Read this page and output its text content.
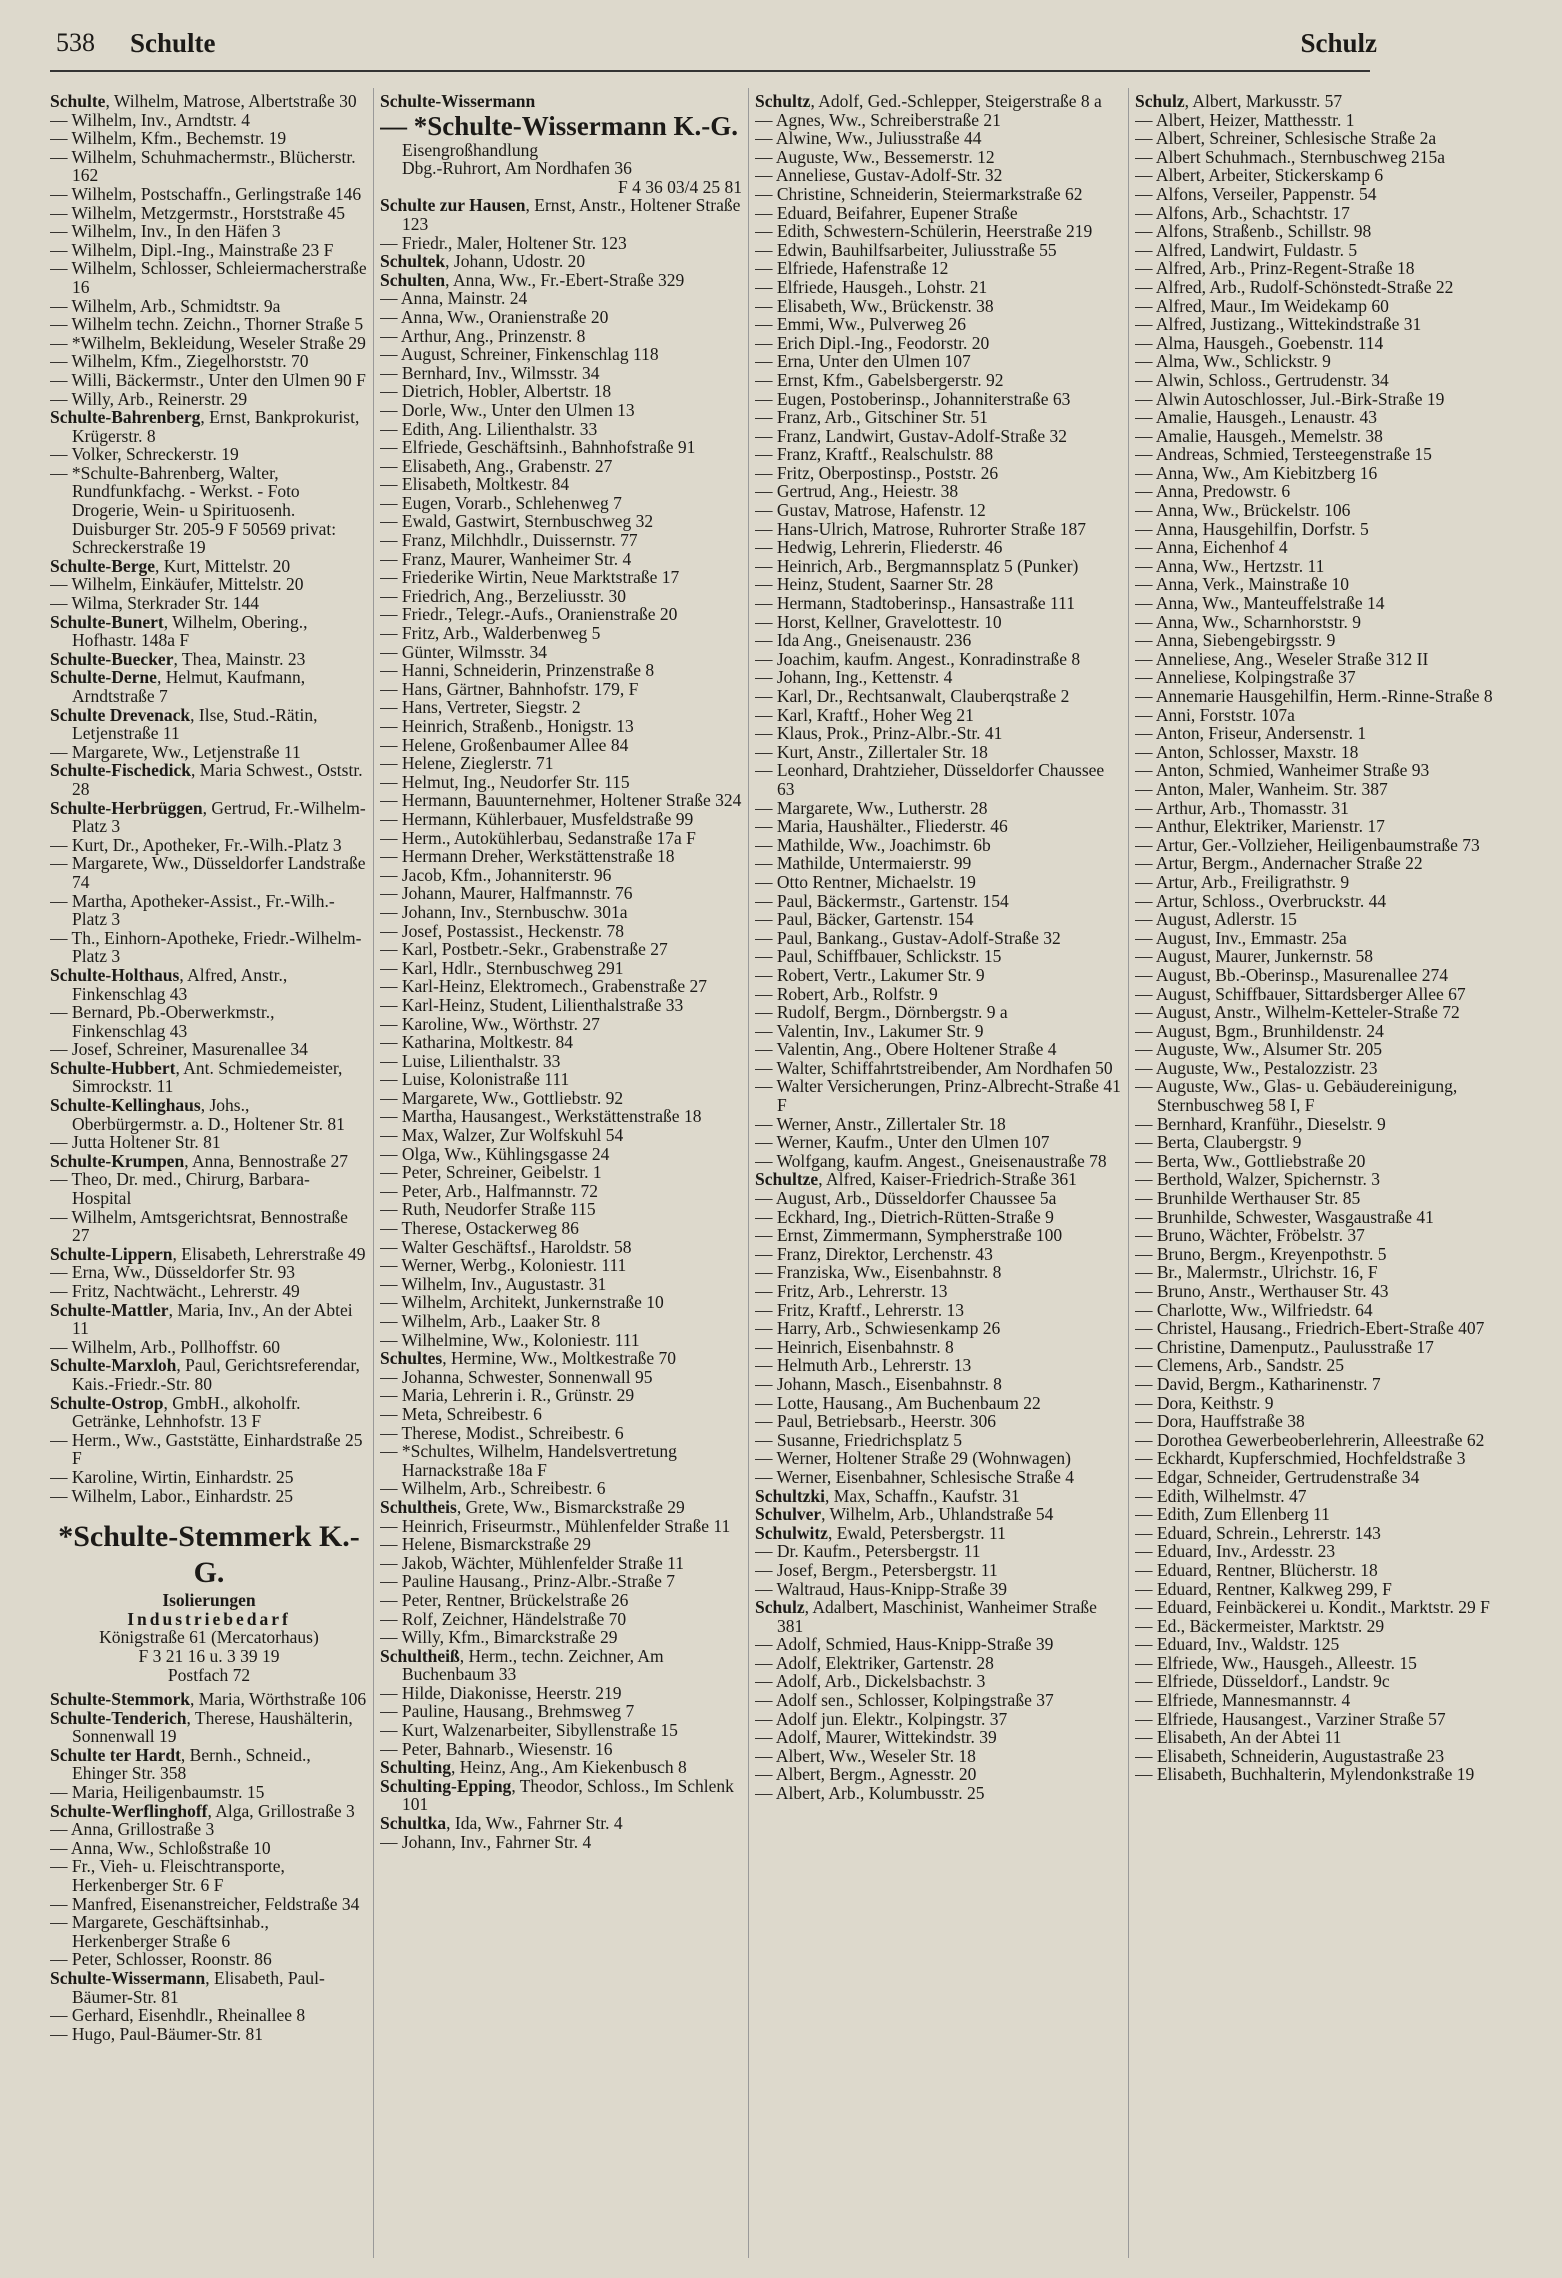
538 Schulte	Schulz

Schulte, Wilhelm, Matrose, Albertstraße 30

— Wilhelm, Inv., Arndtstr. 4

— Wilhelm, Kfm., Bechemstr. 19

— Wilhelm, Schuhmachermstr., Blücherstr. 162

— Wilhelm, Postschaffn., Gerlingstraße 146

— Wilhelm, Metzgermstr., Horststraße 45

— Wilhelm, Inv., In den Häfen 3

— Wilhelm, Dipl.-Ing., Mainstraße 23 F

— Wilhelm, Schlosser, Schleiermacherstraße 16

— Wilhelm, Arb., Schmidtstr. 9a

— Wilhelm techn. Zeichn., Thorner Straße 5

— *Wilhelm, Bekleidung, Weseler Straße 29

— Wilhelm, Kfm., Ziegelhorststr. 70

— Willi, Bäckermstr., Unter den Ulmen 90 F

— Willy, Arb., Reinerstr. 29

Schulte-Bahrenberg, Ernst, Bankprokurist, Krügerstr. 8

— Volker, Schreckerstr. 19

— *Schulte-Bahrenberg, Walter, Rundfunkfachg. - Werkst. - Foto Drogerie, Wein- u Spirituosenh. Duisburger Str. 205-9 F 50569 privat: Schreckerstraße 19

Schulte-Berge, Kurt, Mittelstr. 20

— Wilhelm, Einkäufer, Mittelstr. 20

— Wilma, Sterkrader Str. 144

Schulte-Bunert, Wilhelm, Obering., Hofhastr. 148a F

Schulte-Buecker, Thea, Mainstr. 23

Schulte-Derne, Helmut, Kaufmann, Arndtstraße 7

Schulte Drevenack, Ilse, Stud.-Rätin, Letjenstraße 11

— Margarete, Ww., Letjenstraße 11

Schulte-Fischedick, Maria Schwest., Oststr. 28

Schulte-Herbrüggen, Gertrud, Fr.-Wilhelm-Platz 3

— Kurt, Dr., Apotheker, Fr.-Wilh.-Platz 3

— Margarete, Ww., Düsseldorfer Landstraße 74

— Martha, Apotheker-Assist., Fr.-Wilh.-Platz 3

— Th., Einhorn-Apotheke, Friedr.-Wilhelm-Platz 3

Schulte-Holthaus, Alfred, Anstr., Finkenschlag 43

— Bernard, Pb.-Oberwerkmstr., Finkenschlag 43

— Josef, Schreiner, Masurenallee 34

Schulte-Hubbert, Ant. Schmiedemeister, Simrockstr. 11

Schulte-Kellinghaus, Johs., Oberbürgermstr. a. D., Holtener Str. 81

— Jutta Holtener Str. 81

Schulte-Krumpen, Anna, Bennostraße 27

— Theo, Dr. med., Chirurg, Barbara-Hospital

— Wilhelm, Amtsgerichtsrat, Bennostraße 27

Schulte-Lippern, Elisabeth, Lehrerstraße 49

— Erna, Ww., Düsseldorfer Str. 93

— Fritz, Nachtwächt., Lehrerstr. 49

Schulte-Mattler, Maria, Inv., An der Abtei 11

— Wilhelm, Arb., Pollhoffstr. 60

Schulte-Marxloh, Paul, Gerichtsreferendar, Kais.-Friedr.-Str. 80

Schulte-Ostrop, GmbH., alkoholfr. Getränke, Lehnhofstr. 13 F

— Herm., Ww., Gaststätte, Einhardstraße 25 F

— Karoline, Wirtin, Einhardstr. 25

— Wilhelm, Labor., Einhardstr. 25

*Schulte-Stemmerk K.-G.
Isolierungen
Industriebedarf
Königstraße 61 (Mercatorhaus)
F 3 21 16 u. 3 39 19
Postfach 72

Schulte-Stemmork, Maria, Wörthstraße 106

Schulte-Tenderich, Therese, Haushälterin, Sonnenwall 19

Schulte ter Hardt, Bernh., Schneid., Ehinger Str. 358

— Maria, Heiligenbaumstr. 15

Schulte-Werflinghoff, Alga, Grillostraße 3

— Anna, Grillostraße 3

— Anna, Ww., Schloßstraße 10

— Fr., Vieh- u. Fleischtransporte, Herkenberger Str. 6 F

— Manfred, Eisenanstreicher, Feldstraße 34

— Margarete, Geschäftsinhab., Herkenberger Straße 6

— Peter, Schlosser, Roonstr. 86

Schulte-Wissermann, Elisabeth, Paul-Bäumer-Str. 81

— Gerhard, Eisenhdlr., Rheinallee 8

— Hugo, Paul-Bäumer-Str. 81

Schulte-Wissermann

— *Schulte-Wissermann K.-G.
Eisengroßhandlung
Dbg.-Ruhrort, Am Nordhafen 36
F 4 36 03/4 25 81

Schulte zur Hausen, Ernst, Anstr., Holtener Straße 123

— Friedr., Maler, Holtener Str. 123

Schultek, Johann, Udostr. 20

Schulten, Anna, Ww., Fr.-Ebert-Straße 329

— Anna, Mainstr. 24

— Anna, Ww., Oranienstraße 20

— Arthur, Ang., Prinzenstr. 8

— August, Schreiner, Finkenschlag 118

— Bernhard, Inv., Wilmsstr. 34

— Dietrich, Hobler, Albertstr. 18

— Dorle, Ww., Unter den Ulmen 13

— Edith, Ang. Lilienthalstr. 33

— Elfriede, Geschäftsinh., Bahnhofstraße 91

— Elisabeth, Ang., Grabenstr. 27

— Elisabeth, Moltkestr. 84

— Eugen, Vorarb., Schlehenweg 7

— Ewald, Gastwirt, Sternbuschweg 32

— Franz, Milchhdlr., Duissernstr. 77

— Franz, Maurer, Wanheimer Str. 4

— Friederike Wirtin, Neue Marktstraße 17

— Friedrich, Ang., Berzeliusstr. 30

— Friedr., Telegr.-Aufs., Oranienstraße 20

— Fritz, Arb., Walderbenweg 5

— Günter, Wilmsstr. 34

— Hanni, Schneiderin, Prinzenstraße 8

— Hans, Gärtner, Bahnhofstr. 179, F

— Hans, Vertreter, Siegstr. 2

— Heinrich, Straßenb., Honigstr. 13

— Helene, Großenbaumer Allee 84

— Helene, Zieglerstr. 71

— Helmut, Ing., Neudorfer Str. 115

— Hermann, Bauunternehmer, Holtener Straße 324

— Hermann, Kühlerbauer, Musfeldstraße 99

— Herm., Autokühlerbau, Sedanstraße 17a F

— Hermann Dreher, Werkstättenstraße 18

— Jacob, Kfm., Johanniterstr. 96

— Johann, Maurer, Halfmannstr. 76

— Johann, Inv., Sternbuschw. 301a

— Josef, Postassist., Heckenstr. 78

— Karl, Postbetr.-Sekr., Grabenstraße 27

— Karl, Hdlr., Sternbuschweg 291

— Karl-Heinz, Elektromech., Grabenstraße 27

— Karl-Heinz, Student, Lilienthalstraße 33

— Karoline, Ww., Wörthstr. 27

— Katharina, Moltkestr. 84

— Luise, Lilienthalstr. 33

— Luise, Kolonistraße 111

— Margarete, Ww., Gottliebstr. 92

— Martha, Hausangest., Werkstättenstraße 18

— Max, Walzer, Zur Wolfskuhl 54

— Olga, Ww., Kühlingsgasse 24

— Peter, Schreiner, Geibelstr. 1

— Peter, Arb., Halfmannstr. 72

— Ruth, Neudorfer Straße 115

— Therese, Ostackerweg 86

— Walter Geschäftsf., Haroldstr. 58

— Werner, Werbg., Koloniestr. 111

— Wilhelm, Inv., Augustastr. 31

— Wilhelm, Architekt, Junkernstraße 10

— Wilhelm, Arb., Laaker Str. 8

— Wilhelmine, Ww., Koloniestr. 111

Schultes, Hermine, Ww., Moltkestraße 70

— Johanna, Schwester, Sonnenwall 95

— Maria, Lehrerin i. R., Grünstr. 29

— Meta, Schreibestr. 6

— Therese, Modist., Schreibestr. 6

— *Schultes, Wilhelm, Handelsvertretung Harnackstraße 18a F

— Wilhelm, Arb., Schreibestr. 6

Schultheis, Grete, Ww., Bismarckstraße 29

— Heinrich, Friseurmstr., Mühlenfelder Straße 11

— Helene, Bismarckstraße 29

— Jakob, Wächter, Mühlenfelder Straße 11

— Pauline Hausang., Prinz-Albr.-Straße 7

— Peter, Rentner, Brückelstraße 26

— Rolf, Zeichner, Händelstraße 70

— Willy, Kfm., Bimarckstraße 29

Schultheiß, Herm., techn. Zeichner, Am Buchenbaum 33

— Hilde, Diakonisse, Heerstr. 219

— Pauline, Hausang., Brehmsweg 7

— Kurt, Walzenarbeiter, Sibyllenstraße 15

— Peter, Bahnarb., Wiesenstr. 16

Schulting, Heinz, Ang., Am Kiekenbusch 8

Schulting-Epping, Theodor, Schloss., Im Schlenk 101

Schultka, Ida, Ww., Fahrner Str. 4

— Johann, Inv., Fahrner Str. 4

Schultz, Adolf, Ged.-Schlepper, Steigerstraße 8 a

— Agnes, Ww., Schreiberstraße 21

— Alwine, Ww., Juliusstraße 44

— Auguste, Ww., Bessemerstr. 12

— Anneliese, Gustav-Adolf-Str. 32

— Christine, Schneiderin, Steiermarkstraße 62

— Eduard, Beifahrer, Eupener Straße

— Edith, Schwestern-Schülerin, Heerstraße 219

— Edwin, Bauhilfsarbeiter, Juliusstraße 55

— Elfriede, Hafenstraße 12

— Elfriede, Hausgeh., Lohstr. 21

— Elisabeth, Ww., Brückenstr. 38

— Emmi, Ww., Pulverweg 26

— Erich Dipl.-Ing., Feodorstr. 20

— Erna, Unter den Ulmen 107

— Ernst, Kfm., Gabelsbergerstr. 92

— Eugen, Postoberinsp., Johanniterstraße 63

— Franz, Arb., Gitschiner Str. 51

— Franz, Landwirt, Gustav-Adolf-Straße 32

— Franz, Kraftf., Realschulstr. 88

— Fritz, Oberpostinsp., Poststr. 26

— Gertrud, Ang., Heiestr. 38

— Gustav, Matrose, Hafenstr. 12

— Hans-Ulrich, Matrose, Ruhrorter Straße 187

— Hedwig, Lehrerin, Fliederstr. 46

— Heinrich, Arb., Bergmannsplatz 5 (Punker)

— Heinz, Student, Saarner Str. 28

— Hermann, Stadtoberinsp., Hansastraße 111

— Horst, Kellner, Gravelottestr. 10

— Ida Ang., Gneisenaustr. 236

— Joachim, kaufm. Angest., Konradinstraße 8

— Johann, Ing., Kettenstr. 4

— Karl, Dr., Rechtsanwalt, Clauberqstraße 2

— Karl, Kraftf., Hoher Weg 21

— Klaus, Prok., Prinz-Albr.-Str. 41

— Kurt, Anstr., Zillertaler Str. 18

— Leonhard, Drahtzieher, Düsseldorfer Chaussee 63

— Margarete, Ww., Lutherstr. 28

— Maria, Haushälter., Fliederstr. 46

— Mathilde, Ww., Joachimstr. 6b

— Mathilde, Untermaierstr. 99

— Otto Rentner, Michaelstr. 19

— Paul, Bäckermstr., Gartenstr. 154

— Paul, Bäcker, Gartenstr. 154

— Paul, Bankang., Gustav-Adolf-Straße 32

— Paul, Schiffbauer, Schlickstr. 15

— Robert, Vertr., Lakumer Str. 9

— Robert, Arb., Rolfstr. 9

— Rudolf, Bergm., Dörnbergstr. 9 a

— Valentin, Inv., Lakumer Str. 9

— Valentin, Ang., Obere Holtener Straße 4

— Walter, Schiffahrtstreibender, Am Nordhafen 50

— Walter Versicherungen, Prinz-Albrecht-Straße 41 F

— Werner, Anstr., Zillertaler Str. 18

— Werner, Kaufm., Unter den Ulmen 107

— Wolfgang, kaufm. Angest., Gneisenaustraße 78

Schultze, Alfred, Kaiser-Friedrich-Straße 361

— August, Arb., Düsseldorfer Chaussee 5a

— Eckhard, Ing., Dietrich-Rütten-Straße 9

— Ernst, Zimmermann, Sympherstraße 100

— Franz, Direktor, Lerchenstr. 43

— Franziska, Ww., Eisenbahnstr. 8

— Fritz, Arb., Lehrerstr. 13

— Fritz, Kraftf., Lehrerstr. 13

— Harry, Arb., Schwiesenkamp 26

— Heinrich, Eisenbahnstr. 8

— Helmuth Arb., Lehrerstr. 13

— Johann, Masch., Eisenbahnstr. 8

— Lotte, Hausang., Am Buchenbaum 22

— Paul, Betriebsarb., Heerstr. 306

— Susanne, Friedrichsplatz 5

— Werner, Holtener Straße 29 (Wohnwagen)

— Werner, Eisenbahner, Schlesische Straße 4

Schultzki, Max, Schaffn., Kaufstr. 31

Schulver, Wilhelm, Arb., Uhlandstraße 54

Schulwitz, Ewald, Petersbergstr. 11

— Dr. Kaufm., Petersbergstr. 11

— Josef, Bergm., Petersbergstr. 11

— Waltraud, Haus-Knipp-Straße 39

Schulz, Adalbert, Maschinist, Wanheimer Straße 381

— Adolf, Schmied, Haus-Knipp-Straße 39

— Adolf, Elektriker, Gartenstr. 28

— Adolf, Arb., Dickelsbachstr. 3

— Adolf sen., Schlosser, Kolpingstraße 37

— Adolf jun. Elektr., Kolpingstr. 37

— Adolf, Maurer, Wittekindstr. 39

— Albert, Ww., Weseler Str. 18

— Albert, Bergm., Agnesstr. 20

— Albert, Arb., Kolumbusstr. 25

Schulz, Albert, Markusstr. 57

— Albert, Heizer, Matthesstr. 1

— Albert, Schreiner, Schlesische Straße 2a

— Albert Schuhmach., Sternbuschweg 215a

— Albert, Arbeiter, Stickerskamp 6

— Alfons, Verseiler, Pappenstr. 54

— Alfons, Arb., Schachtstr. 17

— Alfons, Straßenb., Schillstr. 98

— Alfred, Landwirt, Fuldastr. 5

— Alfred, Arb., Prinz-Regent-Straße 18

— Alfred, Arb., Rudolf-Schönstedt-Straße 22

— Alfred, Maur., Im Weidekamp 60

— Alfred, Justizang., Wittekindstraße 31

— Alma, Hausgeh., Goebenstr. 114

— Alma, Ww., Schlickstr. 9

— Alwin, Schloss., Gertrudenstr. 34

— Alwin Autoschlosser, Jul.-Birk-Straße 19

— Amalie, Hausgeh., Lenaustr. 43

— Amalie, Hausgeh., Memelstr. 38

— Andreas, Schmied, Tersteegenstraße 15

— Anna, Ww., Am Kiebitzberg 16

— Anna, Predowstr. 6

— Anna, Ww., Brückelstr. 106

— Anna, Hausgehilfin, Dorfstr. 5

— Anna, Eichenhof 4

— Anna, Ww., Hertzstr. 11

— Anna, Verk., Mainstraße 10

— Anna, Ww., Manteuffelstraße 14

— Anna, Ww., Scharnhorststr. 9

— Anna, Siebengebirgsstr. 9

— Anneliese, Ang., Weseler Straße 312 II

— Anneliese, Kolpingstraße 37

— Annemarie Hausgehilfin, Herm.-Rinne-Straße 8

— Anni, Forststr. 107a

— Anton, Friseur, Andersenstr. 1

— Anton, Schlosser, Maxstr. 18

— Anton, Schmied, Wanheimer Straße 93

— Anton, Maler, Wanheim. Str. 387

— Arthur, Arb., Thomasstr. 31

— Anthur, Elektriker, Marienstr. 17

— Artur, Ger.-Vollzieher, Heiligenbaumstraße 73

— Artur, Bergm., Andernacher Straße 22

— Artur, Arb., Freiligrathstr. 9

— Artur, Schloss., Overbruckstr. 44

— August, Adlerstr. 15

— August, Inv., Emmastr. 25a

— August, Maurer, Junkernstr. 58

— August, Bb.-Oberinsp., Masurenallee 274

— August, Schiffbauer, Sittardsberger Allee 67

— August, Anstr., Wilhelm-Ketteler-Straße 72

— August, Bgm., Brunhildenstr. 24

— Auguste, Ww., Alsumer Str. 205

— Auguste, Ww., Pestalozzistr. 23

— Auguste, Ww., Glas- u. Gebäudereinigung, Sternbuschweg 58 I, F

— Bernhard, Kranführ., Dieselstr. 9

— Berta, Claubergstr. 9

— Berta, Ww., Gottliebstraße 20

— Berthold, Walzer, Spichernstr. 3

— Brunhilde Werthauser Str. 85

— Brunhilde, Schwester, Wasgaustraße 41

— Bruno, Wächter, Fröbelstr. 37

— Bruno, Bergm., Kreyenpothstr. 5

— Br., Malermstr., Ulrichstr. 16, F

— Bruno, Anstr., Werthauser Str. 43

— Charlotte, Ww., Wilfriedstr. 64

— Christel, Hausang., Friedrich-Ebert-Straße 407

— Christine, Damenputz., Paulusstraße 17

— Clemens, Arb., Sandstr. 25

— David, Bergm., Katharinenstr. 7

— Dora, Keithstr. 9

— Dora, Hauffstraße 38

— Dorothea Gewerbeoberlehrerin, Alleestraße 62

— Eckhardt, Kupferschmied, Hochfeldstraße 3

— Edgar, Schneider, Gertrudenstraße 34

— Edith, Wilhelmstr. 47

— Edith, Zum Ellenberg 11

— Eduard, Schrein., Lehrerstr. 143

— Eduard, Inv., Ardesstr. 23

— Eduard, Rentner, Blücherstr. 18

— Eduard, Rentner, Kalkweg 299, F

— Eduard, Feinbäckerei u. Kondit., Marktstr. 29 F

— Ed., Bäckermeister, Marktstr. 29

— Eduard, Inv., Waldstr. 125

— Elfriede, Ww., Hausgeh., Alleestr. 15

— Elfriede, Düsseldorf., Landstr. 9c

— Elfriede, Mannesmannstr. 4

— Elfriede, Hausangest., Varziner Straße 57

— Elisabeth, An der Abtei 11

— Elisabeth, Schneiderin, Augustastraße 23

— Elisabeth, Buchhalterin, Mylendonkstraße 19
